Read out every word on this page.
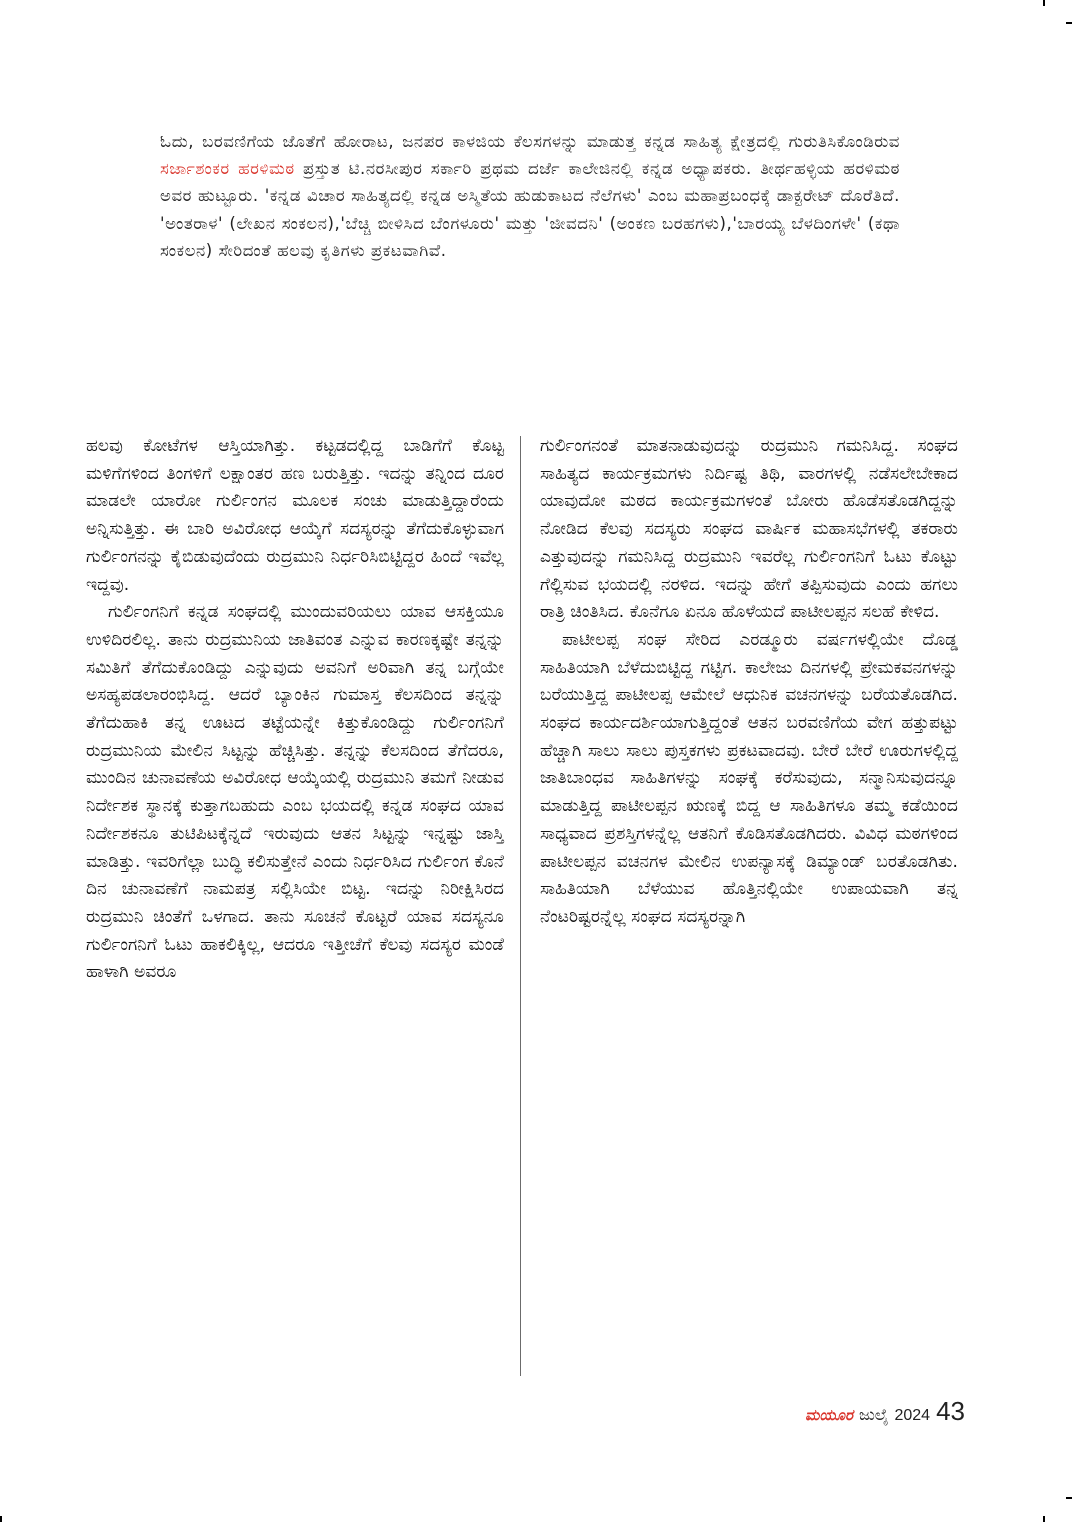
ಓದು, ಬರವಣಿಗೆಯ ಜೊತೆಗೆ ಹೋರಾಟ, ಜನಪರ ಕಾಳಜಿಯ ಕೆಲಸಗಳನ್ನು ಮಾಡುತ್ತ ಕನ್ನಡ ಸಾಹಿತ್ಯ ಕ್ಷೇತ್ರದಲ್ಲಿ ಗುರುತಿಸಿಕೊಂಡಿರುವ ಸರ್ಜಾಶಂಕರ ಹರಳಿಮಠ ಪ್ರಸ್ತುತ ಟಿ.ನರಸೀಪುರ ಸರ್ಕಾರಿ ಪ್ರಥಮ ದರ್ಜೆ ಕಾಲೇಜಿನಲ್ಲಿ ಕನ್ನಡ ಅಧ್ಯಾಪಕರು. ತೀರ್ಥಹಳ್ಳಿಯ ಹರಳಿಮಠ ಅವರ ಹುಟ್ಟೂರು. 'ಕನ್ನಡ ವಿಚಾರ ಸಾಹಿತ್ಯದಲ್ಲಿ ಕನ್ನಡ ಅಸ್ಮಿತೆಯ ಹುಡುಕಾಟದ ನೆಲೆಗಳು' ಎಂಬ ಮಹಾಪ್ರಬಂಧಕ್ಕೆ ಡಾಕ್ಟರೇಟ್ ದೊರೆತಿದೆ. 'ಅಂತರಾಳ' (ಲೇಖನ ಸಂಕಲನ),'ಬೆಚ್ಚಿ ಬೀಳಿಸಿದ ಬೆಂಗಳೂರು' ಮತ್ತು 'ಜೀವದನಿ' (ಅಂಕಣ ಬರಹಗಳು),'ಬಾರಯ್ಯ ಬೆಳದಿಂಗಳೇ' (ಕಥಾ ಸಂಕಲನ) ಸೇರಿದಂತೆ ಹಲವು ಕೃತಿಗಳು ಪ್ರಕಟವಾಗಿವೆ.

ಹಲವು ಕೋಟೆಗಳ ಆಸ್ತಿಯಾಗಿತ್ತು. ಕಟ್ಟಡದಲ್ಲಿದ್ದ ಬಾಡಿಗೆಗೆ ಕೊಟ್ಟ ಮಳಿಗೆಗಳಿಂದ ತಿಂಗಳಿಗೆ ಲಕ್ಷಾಂತರ ಹಣ ಬರುತ್ತಿತ್ತು. ಇದನ್ನು ತನ್ನಿಂದ ದೂರ ಮಾಡಲೇ ಯಾರೋ ಗುರ್ಲಿಂಗನ ಮೂಲಕ ಸಂಚು ಮಾಡುತ್ತಿದ್ದಾರೆಂದು ಅನ್ನಿಸುತ್ತಿತ್ತು. ಈ ಬಾರಿ ಅವಿರೋಧ ಆಯ್ಕೆಗೆ ಸದಸ್ಯರನ್ನು ತೆಗೆದುಕೊಳ್ಳುವಾಗ ಗುರ್ಲಿಂಗನನ್ನು ಕೈಬಿಡುವುದೆಂದು ರುದ್ರಮುನಿ ನಿರ್ಧರಿಸಿಬಿಟ್ಟಿದ್ದರ ಹಿಂದೆ ಇವೆಲ್ಲ ಇದ್ದವು.

ಗುರ್ಲಿಂಗನಿಗೆ ಕನ್ನಡ ಸಂಘದಲ್ಲಿ ಮುಂದುವರಿಯಲು ಯಾವ ಆಸಕ್ತಿಯೂ ಉಳಿದಿರಲಿಲ್ಲ. ತಾನು ರುದ್ರಮುನಿಯ ಜಾತಿವಂತ ಎನ್ನುವ ಕಾರಣಕ್ಕಷ್ಟೇ ತನ್ನನ್ನು ಸಮಿತಿಗೆ ತೆಗೆದುಕೊಂಡಿದ್ದು ಎನ್ನುವುದು ಅವನಿಗೆ ಅರಿವಾಗಿ ತನ್ನ ಬಗ್ಗೆಯೇ ಅಸಹ್ಯಪಡಲಾರಂಭಿಸಿದ್ದ. ಆದರೆ ಬ್ಯಾಂಕಿನ ಗುಮಾಸ್ತ ಕೆಲಸದಿಂದ ತನ್ನನ್ನು ತೆಗೆದುಹಾಕಿ ತನ್ನ ಊಟದ ತಟ್ಟೆಯನ್ನೇ ಕಿತ್ತುಕೊಂಡಿದ್ದು ಗುರ್ಲಿಂಗನಿಗೆ ರುದ್ರಮುನಿಯ ಮೇಲಿನ ಸಿಟ್ಟನ್ನು ಹೆಚ್ಚಿಸಿತ್ತು. ತನ್ನನ್ನು ಕೆಲಸದಿಂದ ತೆಗೆದರೂ, ಮುಂದಿನ ಚುನಾವಣೆಯ ಅವಿರೋಧ ಆಯ್ಕೆಯಲ್ಲಿ ರುದ್ರಮುನಿ ತಮಗೆ ನೀಡುವ ನಿರ್ದೇಶಕ ಸ್ಥಾನಕ್ಕೆ ಕುತ್ತಾಗಬಹುದು ಎಂಬ ಭಯದಲ್ಲಿ ಕನ್ನಡ ಸಂಘದ ಯಾವ ನಿರ್ದೇಶಕನೂ ತುಟಿಪಿಟಕ್ಕೆನ್ನದೆ ಇರುವುದು ಆತನ ಸಿಟ್ಟನ್ನು ಇನ್ನಷ್ಟು ಜಾಸ್ತಿ ಮಾಡಿತ್ತು. ಇವರಿಗೆಲ್ಲಾ ಬುದ್ಧಿ ಕಲಿಸುತ್ತೇನೆ ಎಂದು ನಿರ್ಧರಿಸಿದ ಗುರ್ಲಿಂಗ ಕೊನೆ ದಿನ ಚುನಾವಣೆಗೆ ನಾಮಪತ್ರ ಸಲ್ಲಿಸಿಯೇ ಬಿಟ್ಟ. ಇದನ್ನು ನಿರೀಕ್ಷಿಸಿರದ ರುದ್ರಮುನಿ ಚಿಂತೆಗೆ ಒಳಗಾದ. ತಾನು ಸೂಚನೆ ಕೊಟ್ಟರೆ ಯಾವ ಸದಸ್ಯನೂ ಗುರ್ಲಿಂಗನಿಗೆ ಓಟು ಹಾಕಲಿಕ್ಕಿಲ್ಲ, ಆದರೂ ಇತ್ತೀಚೆಗೆ ಕೆಲವು ಸದಸ್ಯರ ಮಂಡೆ ಹಾಳಾಗಿ ಅವರೂ

ಗುರ್ಲಿಂಗನಂತೆ ಮಾತನಾಡುವುದನ್ನು ರುದ್ರಮುನಿ ಗಮನಿಸಿದ್ದ. ಸಂಘದ ಸಾಹಿತ್ಯದ ಕಾರ್ಯಕ್ರಮಗಳು ನಿರ್ದಿಷ್ಟ ತಿಥಿ, ವಾರಗಳಲ್ಲಿ ನಡೆಸಲೇಬೇಕಾದ ಯಾವುದೋ ಮಠದ ಕಾರ್ಯಕ್ರಮಗಳಂತೆ ಬೋರು ಹೊಡೆಸತೊಡಗಿದ್ದನ್ನು ನೋಡಿದ ಕೆಲವು ಸದಸ್ಯರು ಸಂಘದ ವಾರ್ಷಿಕ ಮಹಾಸಭೆಗಳಲ್ಲಿ ತಕರಾರು ಎತ್ತುವುದನ್ನು ಗಮನಿಸಿದ್ದ ರುದ್ರಮುನಿ ಇವರೆಲ್ಲ ಗುರ್ಲಿಂಗನಿಗೆ ಓಟು ಕೊಟ್ಟು ಗೆಲ್ಲಿಸುವ ಭಯದಲ್ಲಿ ನರಳಿದ. ಇದನ್ನು ಹೇಗೆ ತಪ್ಪಿಸುವುದು ಎಂದು ಹಗಲು ರಾತ್ರಿ ಚಿಂತಿಸಿದ. ಕೊನೆಗೂ ಏನೂ ಹೊಳೆಯದೆ ಪಾಟೀಲಪ್ಪನ ಸಲಹೆ ಕೇಳಿದ.

ಪಾಟೀಲಪ್ಪ ಸಂಘ ಸೇರಿದ ಎರಡ್ಮೂರು ವರ್ಷಗಳಲ್ಲಿಯೇ ದೊಡ್ಡ ಸಾಹಿತಿಯಾಗಿ ಬೆಳೆದುಬಿಟ್ಟಿದ್ದ ಗಟ್ಟಿಗ. ಕಾಲೇಜು ದಿನಗಳಲ್ಲಿ ಪ್ರೇಮಕವನಗಳನ್ನು ಬರೆಯುತ್ತಿದ್ದ ಪಾಟೀಲಪ್ಪ ಆಮೇಲೆ ಆಧುನಿಕ ವಚನಗಳನ್ನು ಬರೆಯತೊಡಗಿದ. ಸಂಘದ ಕಾರ್ಯದರ್ಶಿಯಾಗುತ್ತಿದ್ದಂತೆ ಆತನ ಬರವಣಿಗೆಯ ವೇಗ ಹತ್ತುಪಟ್ಟು ಹೆಚ್ಚಾಗಿ ಸಾಲು ಸಾಲು ಪುಸ್ತಕಗಳು ಪ್ರಕಟವಾದವು. ಬೇರೆ ಬೇರೆ ಊರುಗಳಲ್ಲಿದ್ದ ಜಾತಿಬಾಂಧವ ಸಾಹಿತಿಗಳನ್ನು ಸಂಘಕ್ಕೆ ಕರೆಸುವುದು, ಸನ್ಮಾನಿಸುವುದನ್ನೂ ಮಾಡುತ್ತಿದ್ದ ಪಾಟೀಲಪ್ಪನ ಋಣಕ್ಕೆ ಬಿದ್ದ ಆ ಸಾಹಿತಿಗಳೂ ತಮ್ಮ ಕಡೆಯಿಂದ ಸಾಧ್ಯವಾದ ಪ್ರಶಸ್ತಿಗಳನ್ನೆಲ್ಲ ಆತನಿಗೆ ಕೊಡಿಸತೊಡಗಿದರು. ವಿವಿಧ ಮಠಗಳಿಂದ ಪಾಟೀಲಪ್ಪನ ವಚನಗಳ ಮೇಲಿನ ಉಪನ್ಯಾಸಕ್ಕೆ ಡಿಮ್ಯಾಂಡ್ ಬರತೊಡಗಿತು. ಸಾಹಿತಿಯಾಗಿ ಬೆಳೆಯುವ ಹೊತ್ತಿನಲ್ಲಿಯೇ ಉಪಾಯವಾಗಿ ತನ್ನ ನೆಂಟರಿಷ್ಟರನ್ನೆಲ್ಲ ಸಂಘದ ಸದಸ್ಯರನ್ನಾಗಿ

ಮಯೂರ ಜುಲೈ 2024 43
